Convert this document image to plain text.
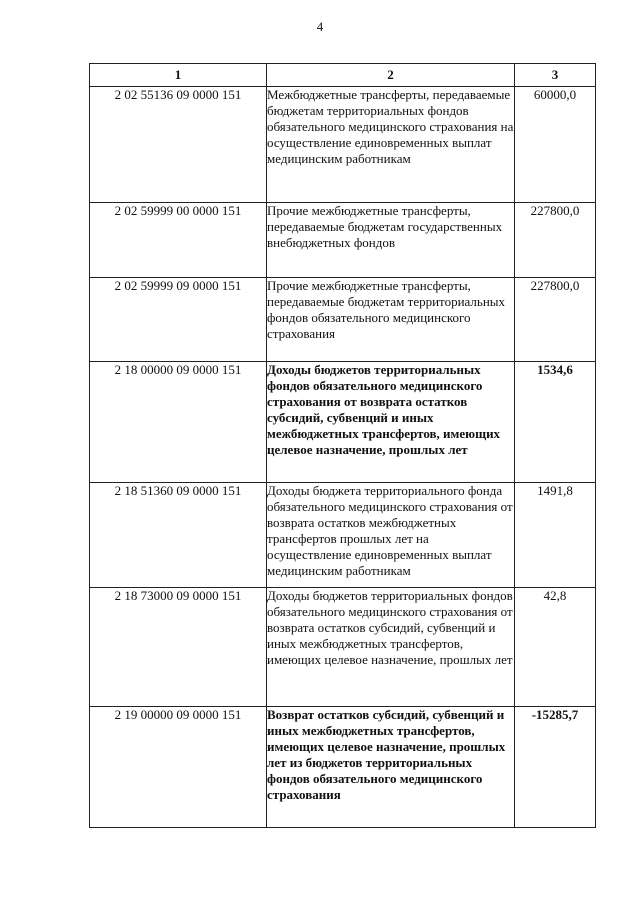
4
1	2	3
2 02 55136 09 0000 151	Межбюджетные трансферты, передаваемые бюджетам территориальных фондов обязательного медицинского страхования на осуществление единовременных выплат медицинским работникам	60000,0
2 02 59999 00 0000 151	Прочие межбюджетные трансферты, передаваемые бюджетам государственных внебюджетных фондов	227800,0
2 02 59999 09 0000 151	Прочие межбюджетные трансферты, передаваемые бюджетам территориальных фондов обязательного медицинского страхования	227800,0
2 18 00000 09 0000 151	Доходы бюджетов территориальных фондов обязательного медицинского страхования от возврата остатков субсидий, субвенций и иных межбюджетных трансфертов, имеющих целевое назначение, прошлых лет	1534,6
2 18 51360 09 0000 151	Доходы бюджета территориального фонда обязательного медицинского страхования от возврата остатков межбюджетных трансфертов прошлых лет на осуществление единовременных выплат медицинским работникам	1491,8
2 18 73000 09 0000 151	Доходы бюджетов территориальных фондов обязательного медицинского страхования от возврата остатков субсидий, субвенций и иных межбюджетных трансфертов, имеющих целевое назначение, прошлых лет	42,8
2 19 00000 09 0000 151	Возврат остатков субсидий, субвенций и иных межбюджетных трансфертов, имеющих целевое назначение, прошлых лет из бюджетов территориальных фондов обязательного медицинского страхования	-15285,7
